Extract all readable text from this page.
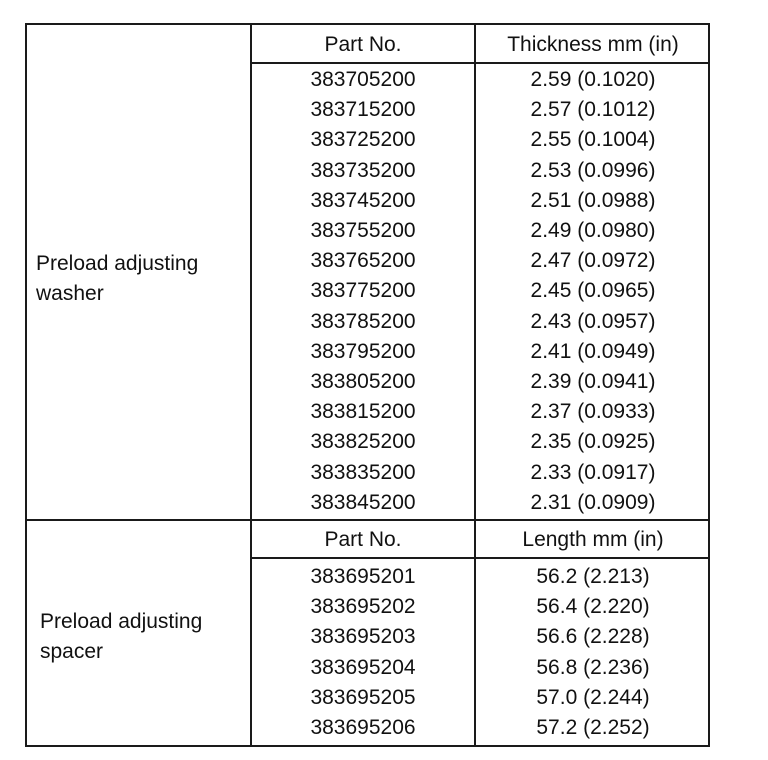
Preload adjusting
washer
Part No.	Thickness mm (in)
383705200	2.59 (0.1020)
383715200	2.57 (0.1012)
383725200	2.55 (0.1004)
383735200	2.53 (0.0996)
383745200	2.51 (0.0988)
383755200	2.49 (0.0980)
383765200	2.47 (0.0972)
383775200	2.45 (0.0965)
383785200	2.43 (0.0957)
383795200	2.41 (0.0949)
383805200	2.39 (0.0941)
383815200	2.37 (0.0933)
383825200	2.35 (0.0925)
383835200	2.33 (0.0917)
383845200	2.31 (0.0909)
Preload adjusting
spacer
Part No.	Length mm (in)
383695201	56.2 (2.213)
383695202	56.4 (2.220)
383695203	56.6 (2.228)
383695204	56.8 (2.236)
383695205	57.0 (2.244)
383695206	57.2 (2.252)
